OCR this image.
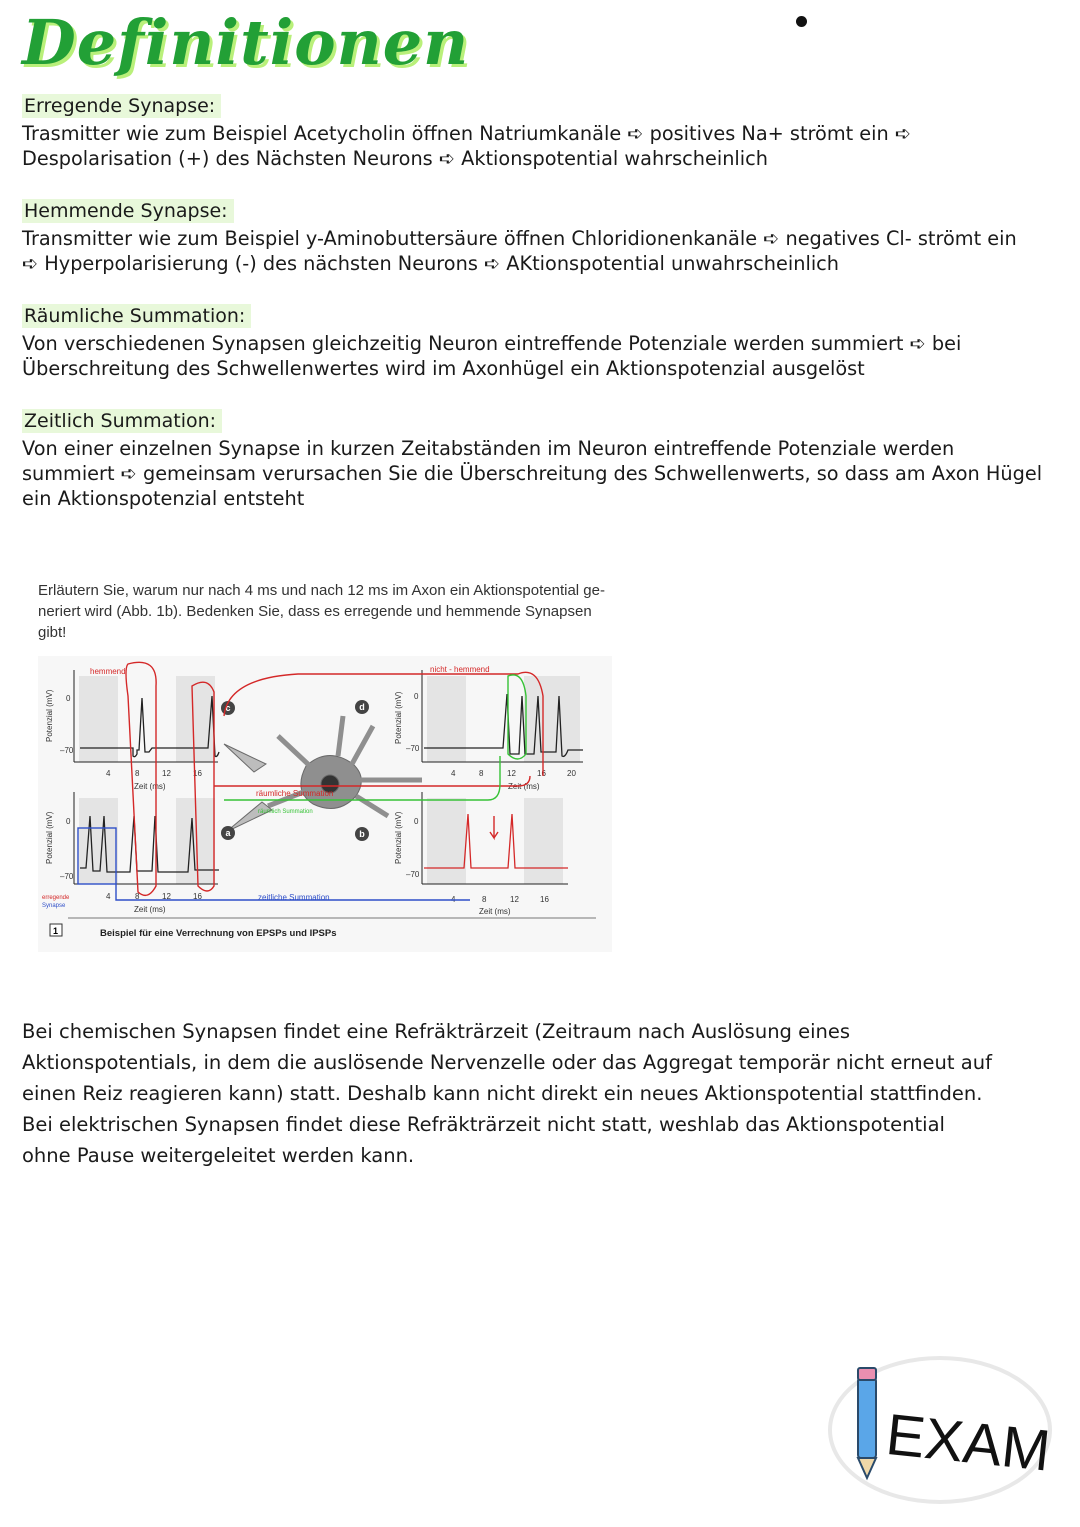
Definitionen
Erregende Synapse:
Trasmitter wie zum Beispiel Acetycholin öffnen Natriumkanäle ➪ positives Na+ strömt ein ➪
Despolarisation (+) des Nächsten Neurons ➪ Aktionspotential wahrscheinlich
Hemmende Synapse:
Transmitter wie zum Beispiel y-Aminobuttersäure öffnen Chloridionenkanäle ➪ negatives Cl- strömt ein
➪ Hyperpolarisierung (-) des nächsten Neurons ➪ AKtionspotential unwahrscheinlich
Räumliche Summation:
Von verschiedenen Synapsen gleichzeitig Neuron eintreffende Potenziale werden summiert ➪ bei
Überschreitung des Schwellenwertes wird im Axonhügel ein Aktionspotenzial ausgelöst
Zeitlich Summation:
Von einer einzelnen Synapse in kurzen Zeitabständen im Neuron eintreffende Potenziale werden
summiert ➪ gemeinsam verursachen Sie die Überschreitung des Schwellenwerts, so dass am Axon Hügel
ein Aktionspotenzial entsteht
Erläutern Sie, warum nur nach 4 ms und nach 12 ms im Axon ein Aktionspotential ge-
neriert wird (Abb. 1b). Bedenken Sie, dass es erregende und hemmende Synapsen
gibt!
Potenzial (mV)
Potenzial (mV)
Potenzial (mV)
Potenzial (mV)
0
–70
0
–70
0
–70
0
–70
4	8	12	16
Zeit (ms)
4	8	12	16
Zeit (ms)
4	8	12	16	20
Zeit (ms)
4	8	12	16
Zeit (ms)
d
c
a	b
hemmend	nicht - hemmend
räumliche Summation
räumlich Summation
zeitliche Summation
erregende
Synapse
1	Beispiel für eine Verrechnung von EPSPs und IPSPs
Bei chemischen Synapsen findet eine Refräkträrzeit (Zeitraum nach Auslösung eines
Aktionspotentials, in dem die auslösende Nervenzelle oder das Aggregat temporär nicht erneut auf
einen Reiz reagieren kann) statt. Deshalb kann nicht direkt ein neues Aktionspotential stattfinden.
Bei elektrischen Synapsen findet diese Refräkträrzeit nicht statt, weshlab das Aktionspotential
ohne Pause weitergeleitet werden kann.
EXAM
